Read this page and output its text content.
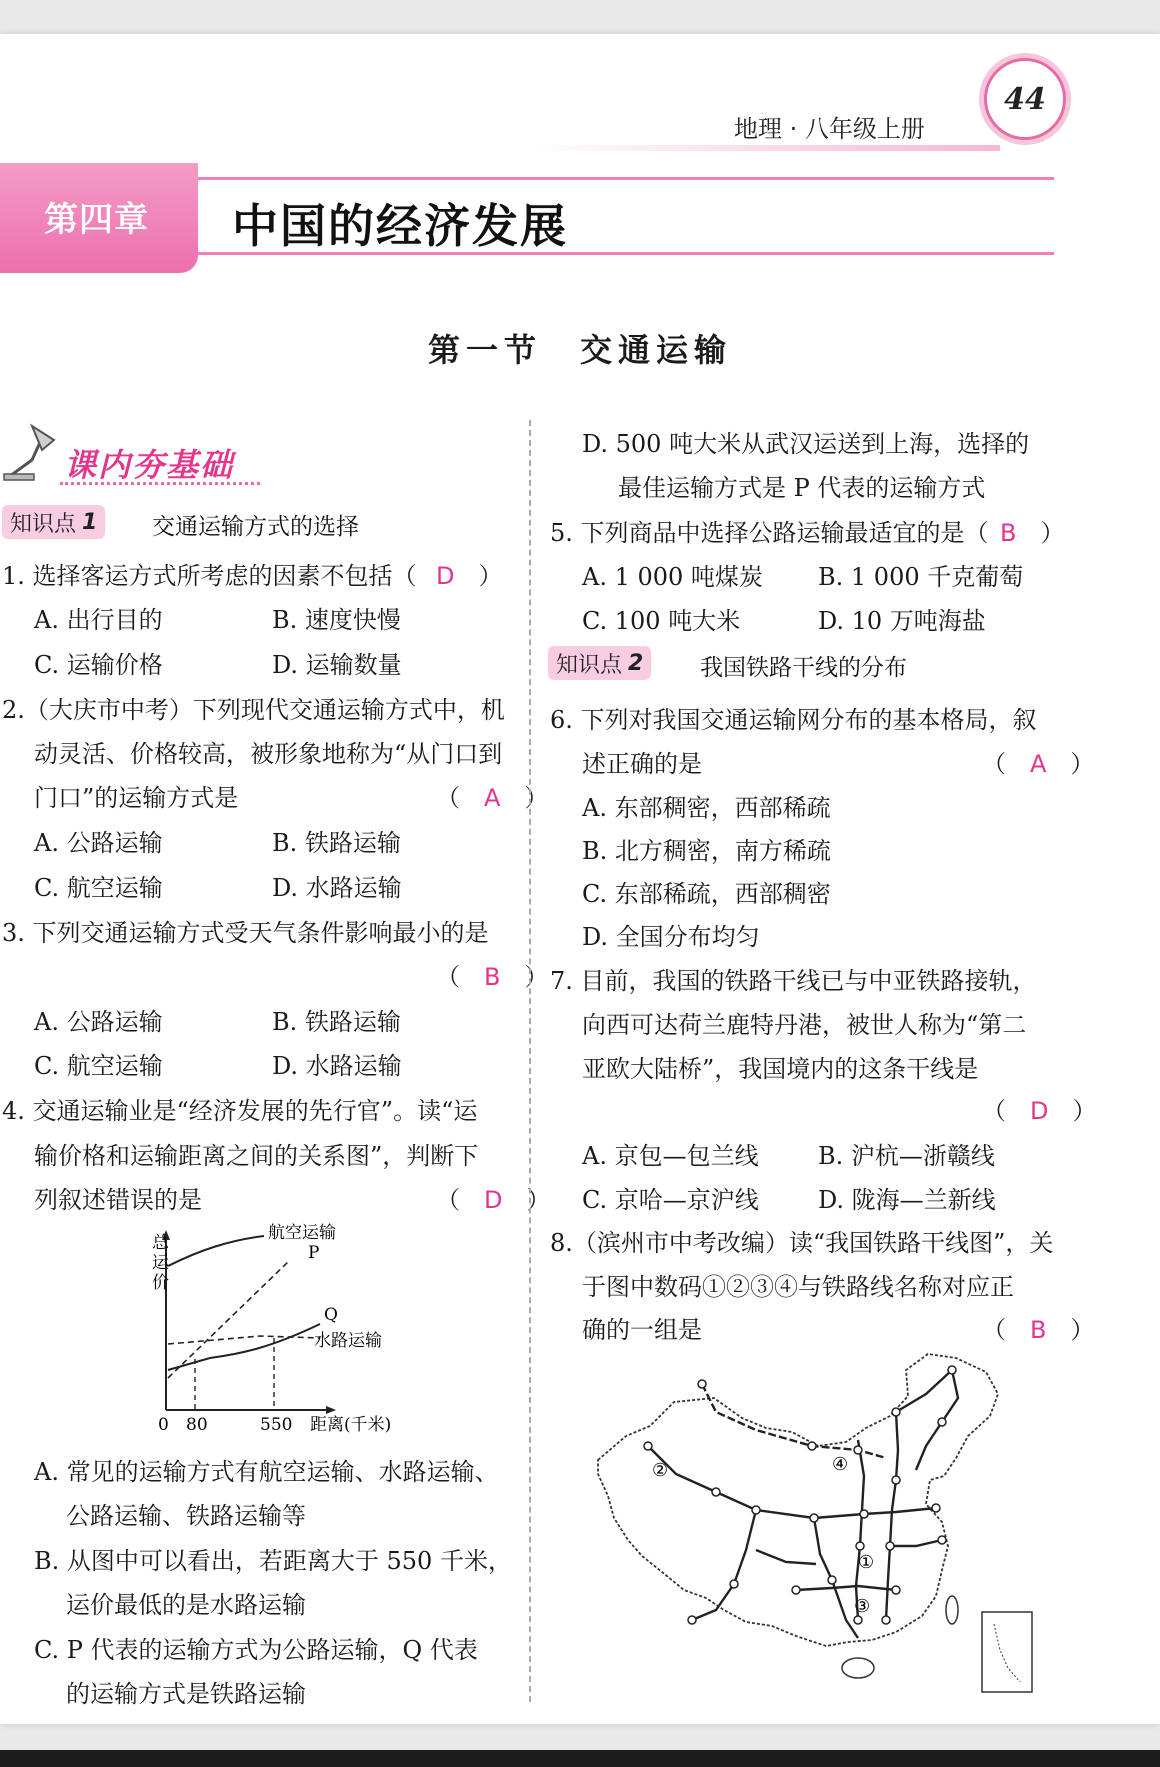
地理 · 八年级上册
44
第四章 中国的经济发展
第一节　交通运输
课内夯基础
知识点 1 交通运输方式的选择
1. 选择客运方式所考虑的因素不包括（ D　）
A. 出行目的	B. 速度快慢
C. 运输价格	D. 运输数量
2.（大庆市中考）下列现代交通运输方式中，机
动灵活、价格较高，被形象地称为“从门口到
门口”的运输方式是	（　A　）
A. 公路运输	B. 铁路运输
C. 航空运输	D. 水路运输
3. 下列交通运输方式受天气条件影响最小的是
（　B　）
A. 公路运输	B. 铁路运输
C. 航空运输	D. 水路运输
4. 交通运输业是“经济发展的先行官”。读“运
输价格和运输距离之间的关系图”，判断下
列叙述错误的是	（　D　）
总
运
价
航空运输
P
Q
水路运输
0 80	550 距离(千米)
A. 常见的运输方式有航空运输、水路运输、
公路运输、铁路运输等
B. 从图中可以看出，若距离大于 550 千米，
运价最低的是水路运输
C. P 代表的运输方式为公路运输，Q 代表
的运输方式是铁路运输
D. 500 吨大米从武汉运送到上海，选择的
最佳运输方式是 P 代表的运输方式
5. 下列商品中选择公路运输最适宜的是（ B　）
A. 1 000 吨煤炭 B. 1 000 千克葡萄
C. 100 吨大米	D. 10 万吨海盐
知识点 2 我国铁路干线的分布
6. 下列对我国交通运输网分布的基本格局，叙
述正确的是	（　A　）
A. 东部稠密，西部稀疏
B. 北方稠密，南方稀疏
C. 东部稀疏，西部稠密
D. 全国分布均匀
7. 目前，我国的铁路干线已与中亚铁路接轨，
向西可达荷兰鹿特丹港，被世人称为“第二
亚欧大陆桥”，我国境内的这条干线是
（　D　）
A. 京包—包兰线 B. 沪杭—浙赣线
C. 京哈—京沪线 D. 陇海—兰新线
8.（滨州市中考改编）读“我国铁路干线图”，关
于图中数码①②③④与铁路线名称对应正
确的一组是	（　B　）
①
②
③
④
